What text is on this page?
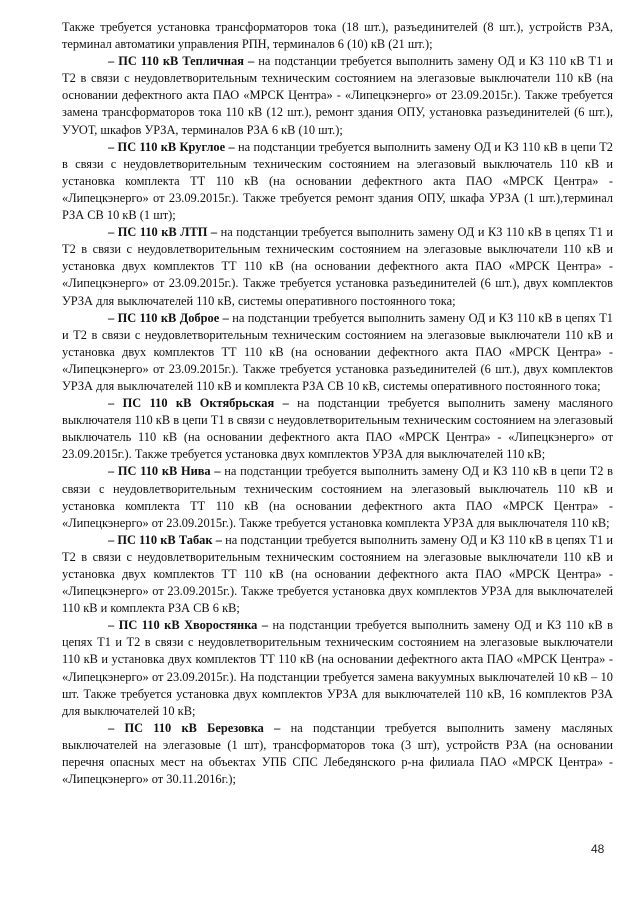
Также требуется установка трансформаторов тока (18 шт.), разъединителей (8 шт.), устройств РЗА, терминал автоматики управления РПН, терминалов 6 (10) кВ (21 шт.);

– ПС 110 кВ Тепличная – на подстанции требуется выполнить замену ОД и КЗ 110 кВ Т1 и Т2 в связи с неудовлетворительным техническим состоянием на элегазовые выключатели 110 кВ (на основании дефектного акта ПАО «МРСК Центра» - «Липецкэнерго» от 23.09.2015г.). Также требуется замена трансформаторов тока 110 кВ (12 шт.), ремонт здания ОПУ, установка разъединителей (6 шт.), УУОТ, шкафов УРЗА, терминалов РЗА 6 кВ (10 шт.);

– ПС 110 кВ Круглое – на подстанции требуется выполнить замену ОД и КЗ 110 кВ в цепи Т2 в связи с неудовлетворительным техническим состоянием на элегазовый выключатель 110 кВ и установка комплекта ТТ 110 кВ (на основании дефектного акта ПАО «МРСК Центра» - «Липецкэнерго» от 23.09.2015г.). Также требуется ремонт здания ОПУ, шкафа УРЗА (1 шт.),терминал РЗА СВ 10 кВ (1 шт);

– ПС 110 кВ ЛТП – на подстанции требуется выполнить замену ОД и КЗ 110 кВ в цепях Т1 и Т2 в связи с неудовлетворительным техническим состоянием на элегазовые выключатели 110 кВ и установка двух комплектов ТТ 110 кВ (на основании дефектного акта ПАО «МРСК Центра» - «Липецкэнерго» от 23.09.2015г.). Также требуется установка разъединителей (6 шт.), двух комплектов УРЗА для выключателей 110 кВ, системы оперативного постоянного тока;

– ПС 110 кВ Доброе – на подстанции требуется выполнить замену ОД и КЗ 110 кВ в цепях Т1 и Т2 в связи с неудовлетворительным техническим состоянием на элегазовые выключатели 110 кВ и установка двух комплектов ТТ 110 кВ (на основании дефектного акта ПАО «МРСК Центра» - «Липецкэнерго» от 23.09.2015г.). Также требуется установка разъединителей (6 шт.), двух комплектов УРЗА для выключателей 110 кВ и комплекта РЗА СВ 10 кВ, системы оперативного постоянного тока;

– ПС 110 кВ Октябрьская – на подстанции требуется выполнить замену масляного выключателя 110 кВ в цепи Т1 в связи с неудовлетворительным техническим состоянием на элегазовый выключатель 110 кВ (на основании дефектного акта ПАО «МРСК Центра» - «Липецкэнерго» от 23.09.2015г.). Также требуется установка двух комплектов УРЗА для выключателей 110 кВ;

– ПС 110 кВ Нива – на подстанции требуется выполнить замену ОД и КЗ 110 кВ в цепи Т2 в связи с неудовлетворительным техническим состоянием на элегазовый выключатель 110 кВ и установка комплекта ТТ 110 кВ (на основании дефектного акта ПАО «МРСК Центра» - «Липецкэнерго» от 23.09.2015г.). Также требуется установка комплекта УРЗА для выключателя 110 кВ;

– ПС 110 кВ Табак – на подстанции требуется выполнить замену ОД и КЗ 110 кВ в цепях Т1 и Т2 в связи с неудовлетворительным техническим состоянием на элегазовые выключатели 110 кВ и установка двух комплектов ТТ 110 кВ (на основании дефектного акта ПАО «МРСК Центра» - «Липецкэнерго» от 23.09.2015г.). Также требуется установка двух комплектов УРЗА для выключателей 110 кВ и комплекта РЗА СВ 6 кВ;

– ПС 110 кВ Хворостянка – на подстанции требуется выполнить замену ОД и КЗ 110 кВ в цепях Т1 и Т2 в связи с неудовлетворительным техническим состоянием на элегазовые выключатели 110 кВ и установка двух комплектов ТТ 110 кВ (на основании дефектного акта ПАО «МРСК Центра» - «Липецкэнерго» от 23.09.2015г.). На подстанции требуется замена вакуумных выключателей 10 кВ – 10 шт. Также требуется установка двух комплектов УРЗА для выключателей 110 кВ, 16 комплектов РЗА для выключателей 10 кВ;

– ПС 110 кВ Березовка – на подстанции требуется выполнить замену масляных выключателей на элегазовые (1 шт), трансформаторов тока (3 шт), устройств РЗА (на основании перечня опасных мест на объектах УПБ СПС Лебедянского р-на филиала ПАО «МРСК Центра» - «Липецкэнерго» от 30.11.2016г.);

48
